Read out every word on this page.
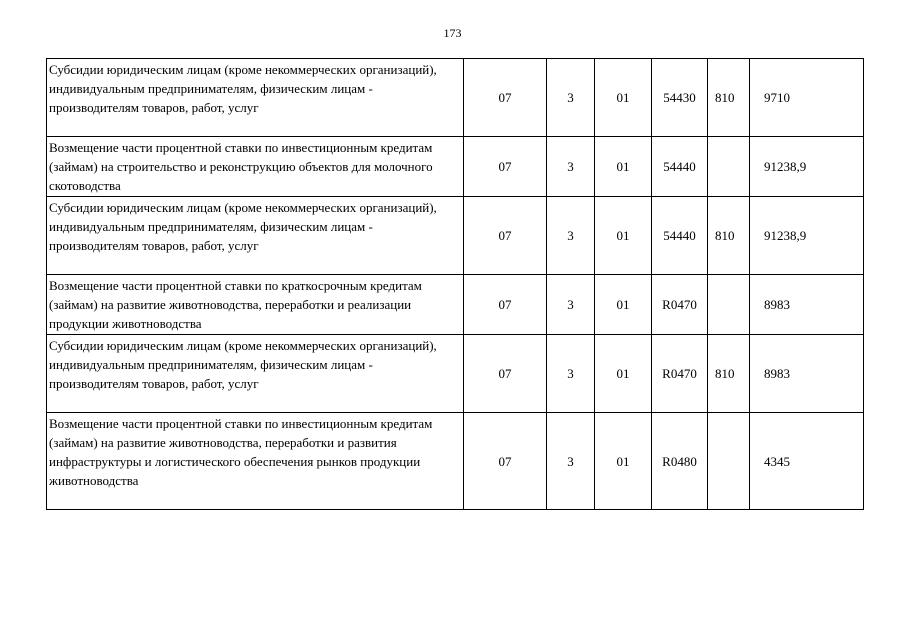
173
Субсидии юридическим лицам (кроме некоммерческих организаций), индивидуальным предпринимателям, физическим лицам - производителям товаров, работ, услуг	07	3	01	54430	810	9710
Возмещение части процентной ставки по инвестиционным кредитам (займам) на строительство и реконструкцию объектов для молочного скотоводства	07	3	01	54440		91238,9
Субсидии юридическим лицам (кроме некоммерческих организаций), индивидуальным предпринимателям, физическим лицам - производителям товаров, работ, услуг	07	3	01	54440	810	91238,9
Возмещение части процентной ставки по краткосрочным кредитам (займам) на развитие животноводства, переработки и реализации продукции животноводства	07	3	01	R0470		8983
Субсидии юридическим лицам (кроме некоммерческих организаций), индивидуальным предпринимателям, физическим лицам - производителям товаров, работ, услуг	07	3	01	R0470	810	8983
Возмещение части процентной ставки по инвестиционным кредитам (займам) на развитие животноводства, переработки и развития инфраструктуры и логистического обеспечения рынков продукции животноводства	07	3	01	R0480		4345
